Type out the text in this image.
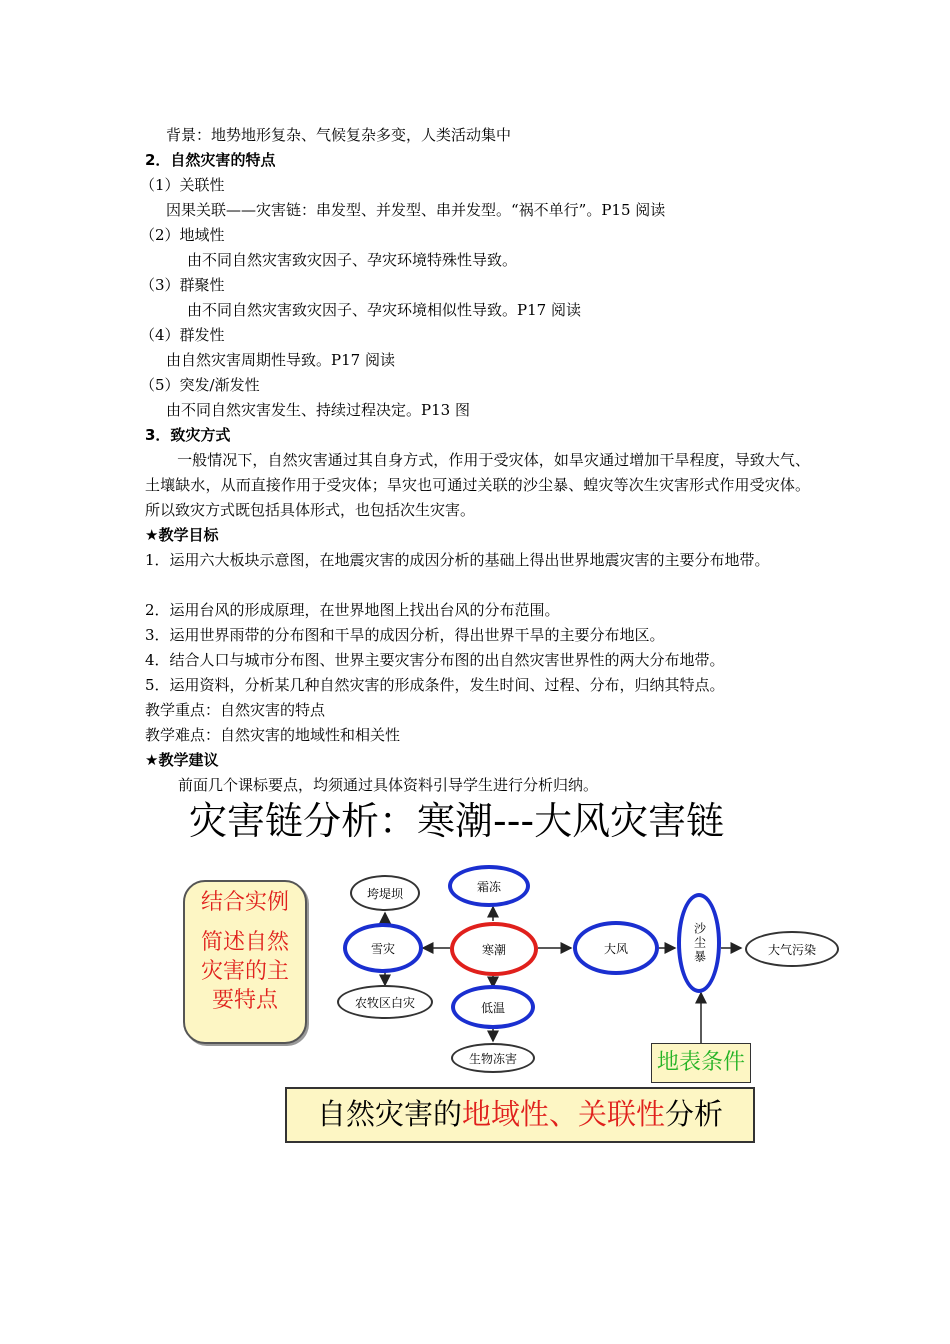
背景：地势地形复杂、气候复杂多变，人类活动集中
2．自然灾害的特点
（1）关联性
因果关联——灾害链：串发型、并发型、串并发型。“祸不单行”。P15 阅读
（2）地域性
由不同自然灾害致灾因子、孕灾环境特殊性导致。
（3）群聚性
由不同自然灾害致灾因子、孕灾环境相似性导致。P17 阅读
（4）群发性
由自然灾害周期性导致。P17 阅读
（5）突发/渐发性
由不同自然灾害发生、持续过程决定。P13 图
3．致灾方式
一般情况下，自然灾害通过其自身方式，作用于受灾体，如旱灾通过增加干旱程度，导致大气、土壤缺水，从而直接作用于受灾体；旱灾也可通过关联的沙尘暴、蝗灾等次生灾害形式作用受灾体。所以致灾方式既包括具体形式，也包括次生灾害。
★教学目标
1．运用六大板块示意图，在地震灾害的成因分析的基础上得出世界地震灾害的主要分布地带。
2．运用台风的形成原理，在世界地图上找出台风的分布范围。
3．运用世界雨带的分布图和干旱的成因分析，得出世界干旱的主要分布地区。
4．结合人口与城市分布图、世界主要灾害分布图的出自然灾害世界性的两大分布地带。
5．运用资料，分析某几种自然灾害的形成条件，发生时间、过程、分布，归纳其特点。
教学重点：自然灾害的特点
教学难点：自然灾害的地域性和相关性
★教学建议
前面几个课标要点，均须通过具体资料引导学生进行分析归纳。
灾害链分析：寒潮---大风灾害链
结合实例
简述自然灾害的主要特点
垮堤坝	霜冻
雪灾	寒潮	大风	沙尘暴	大气污染
农牧区白灾	低温
生物冻害	地表条件
自然灾害的地域性、关联性分析
